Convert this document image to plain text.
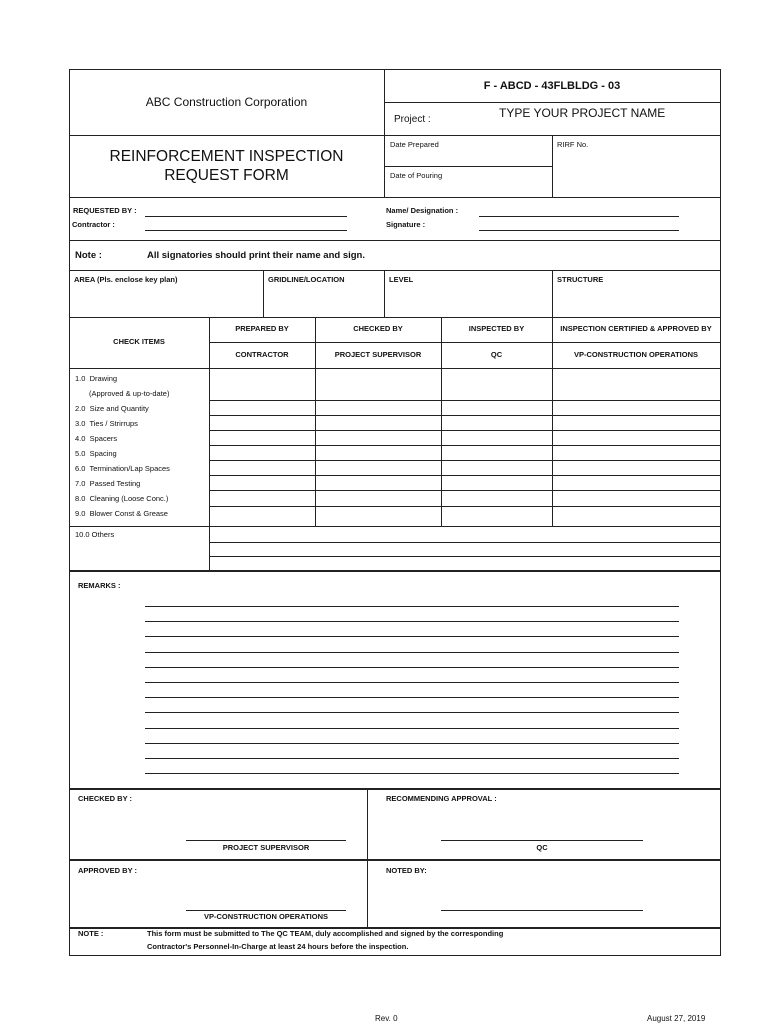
ABC Construction Corporation
F - ABCD - 43FLBLDG - 03
Project :	TYPE YOUR PROJECT NAME
REINFORCEMENT INSPECTION
REQUEST FORM
Date Prepared	RIRF No.
Date of Pouring
REQUESTED BY :
Contractor :
Name/ Designation :
Signature :
Note :	All signatories should print their name and sign.
AREA (Pls. enclose key plan)	GRIDLINE/LOCATION	LEVEL	STRUCTURE
CHECK ITEMS
PREPARED BY	CHECKED BY	INSPECTED BY	INSPECTION CERTIFIED & APPROVED BY
CONTRACTOR	PROJECT SUPERVISOR	QC	VP-CONSTRUCTION OPERATIONS
1.0  Drawing
(Approved & up-to-date)
2.0  Size and Quantity
3.0  Ties / Strirrups
4.0  Spacers
5.0  Spacing
6.0  Termination/Lap Spaces
7.0  Passed Testing
8.0  Cleaning (Loose Conc.)
9.0  Blower Const & Grease
10.0 Others
REMARKS :
CHECKED BY :
PROJECT SUPERVISOR
RECOMMENDING APPROVAL :
QC
APPROVED BY :
VP-CONSTRUCTION OPERATIONS
NOTED BY:
NOTE :	This form must be submitted to The QC TEAM, duly accomplished and signed by the corresponding
Contractor's Personnel-In-Charge at least 24 hours before the inspection.
Rev. 0	August 27, 2019
